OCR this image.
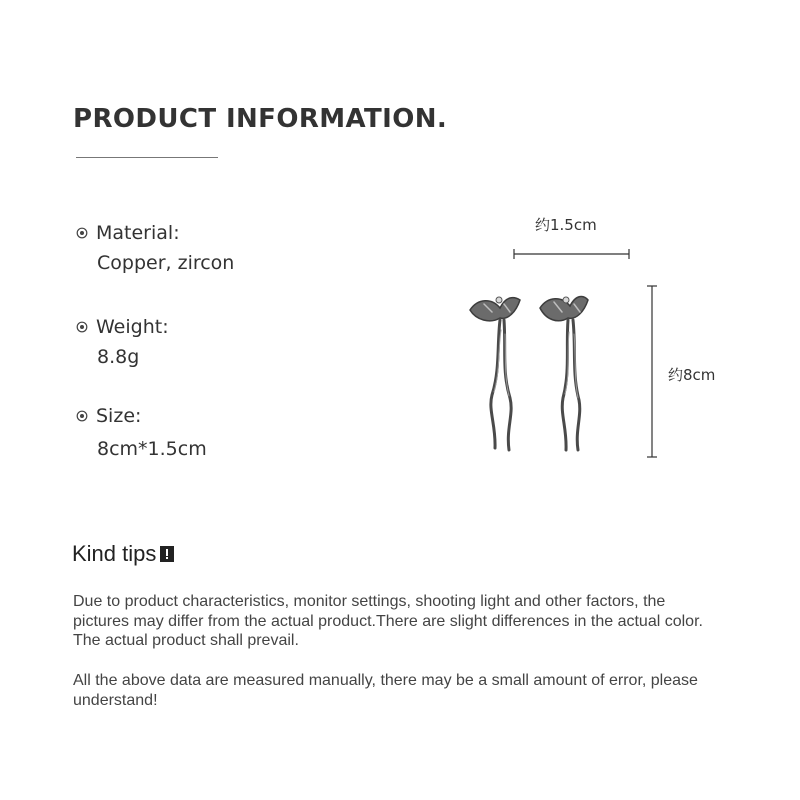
PRODUCT INFORMATION.
Material:
Copper, zircon
Weight:
8.8g
Size:
8cm*1.5cm
约1.5cm
约8cm
Kind tips

Due to product characteristics, monitor settings, shooting light and other factors, the pictures may differ from the actual product.There are slight differences in the actual color. The actual product shall prevail.

All the above data are measured manually, there may be a small amount of error, please understand!
